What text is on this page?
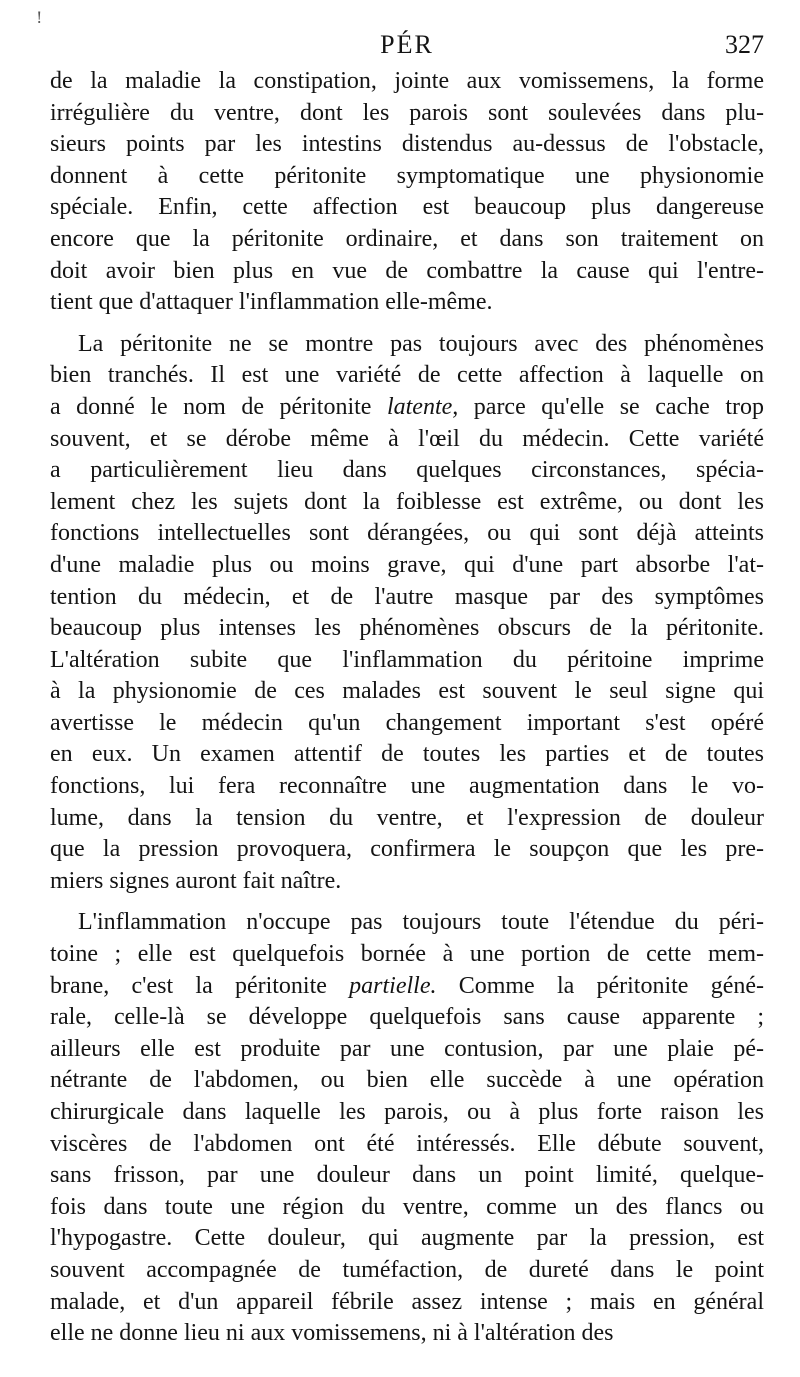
!
PÉR	327
de la maladie la constipation, jointe aux vomissemens, la forme
irrégulière du ventre, dont les parois sont soulevées dans plu-
sieurs points par les intestins distendus au-dessus de l'obstacle,
donnent à cette péritonite symptomatique une physionomie
spéciale. Enfin, cette affection est beaucoup plus dangereuse
encore que la péritonite ordinaire, et dans son traitement on
doit avoir bien plus en vue de combattre la cause qui l'entre-
tient que d'attaquer l'inflammation elle-même.
La péritonite ne se montre pas toujours avec des phénomènes
bien tranchés. Il est une variété de cette affection à laquelle on
a donné le nom de péritonite latente, parce qu'elle se cache trop
souvent, et se dérobe même à l'œil du médecin. Cette variété
a particulièrement lieu dans quelques circonstances, spécia-
lement chez les sujets dont la foiblesse est extrême, ou dont les
fonctions intellectuelles sont dérangées, ou qui sont déjà atteints
d'une maladie plus ou moins grave, qui d'une part absorbe l'at-
tention du médecin, et de l'autre masque par des symptômes
beaucoup plus intenses les phénomènes obscurs de la péritonite.
L'altération subite que l'inflammation du péritoine imprime
à la physionomie de ces malades est souvent le seul signe qui
avertisse le médecin qu'un changement important s'est opéré
en eux. Un examen attentif de toutes les parties et de toutes
fonctions, lui fera reconnaître une augmentation dans le vo-
lume, dans la tension du ventre, et l'expression de douleur
que la pression provoquera, confirmera le soupçon que les pre-
miers signes auront fait naître.
L'inflammation n'occupe pas toujours toute l'étendue du péri-
toine ; elle est quelquefois bornée à une portion de cette mem-
brane, c'est la péritonite partielle. Comme la péritonite géné-
rale, celle-là se développe quelquefois sans cause apparente ;
ailleurs elle est produite par une contusion, par une plaie pé-
nétrante de l'abdomen, ou bien elle succède à une opération
chirurgicale dans laquelle les parois, ou à plus forte raison les
viscères de l'abdomen ont été intéressés. Elle débute souvent,
sans frisson, par une douleur dans un point limité, quelque-
fois dans toute une région du ventre, comme un des flancs ou
l'hypogastre. Cette douleur, qui augmente par la pression, est
souvent accompagnée de tuméfaction, de dureté dans le point
malade, et d'un appareil fébrile assez intense ; mais en général
elle ne donne lieu ni aux vomissemens, ni à l'altération des
